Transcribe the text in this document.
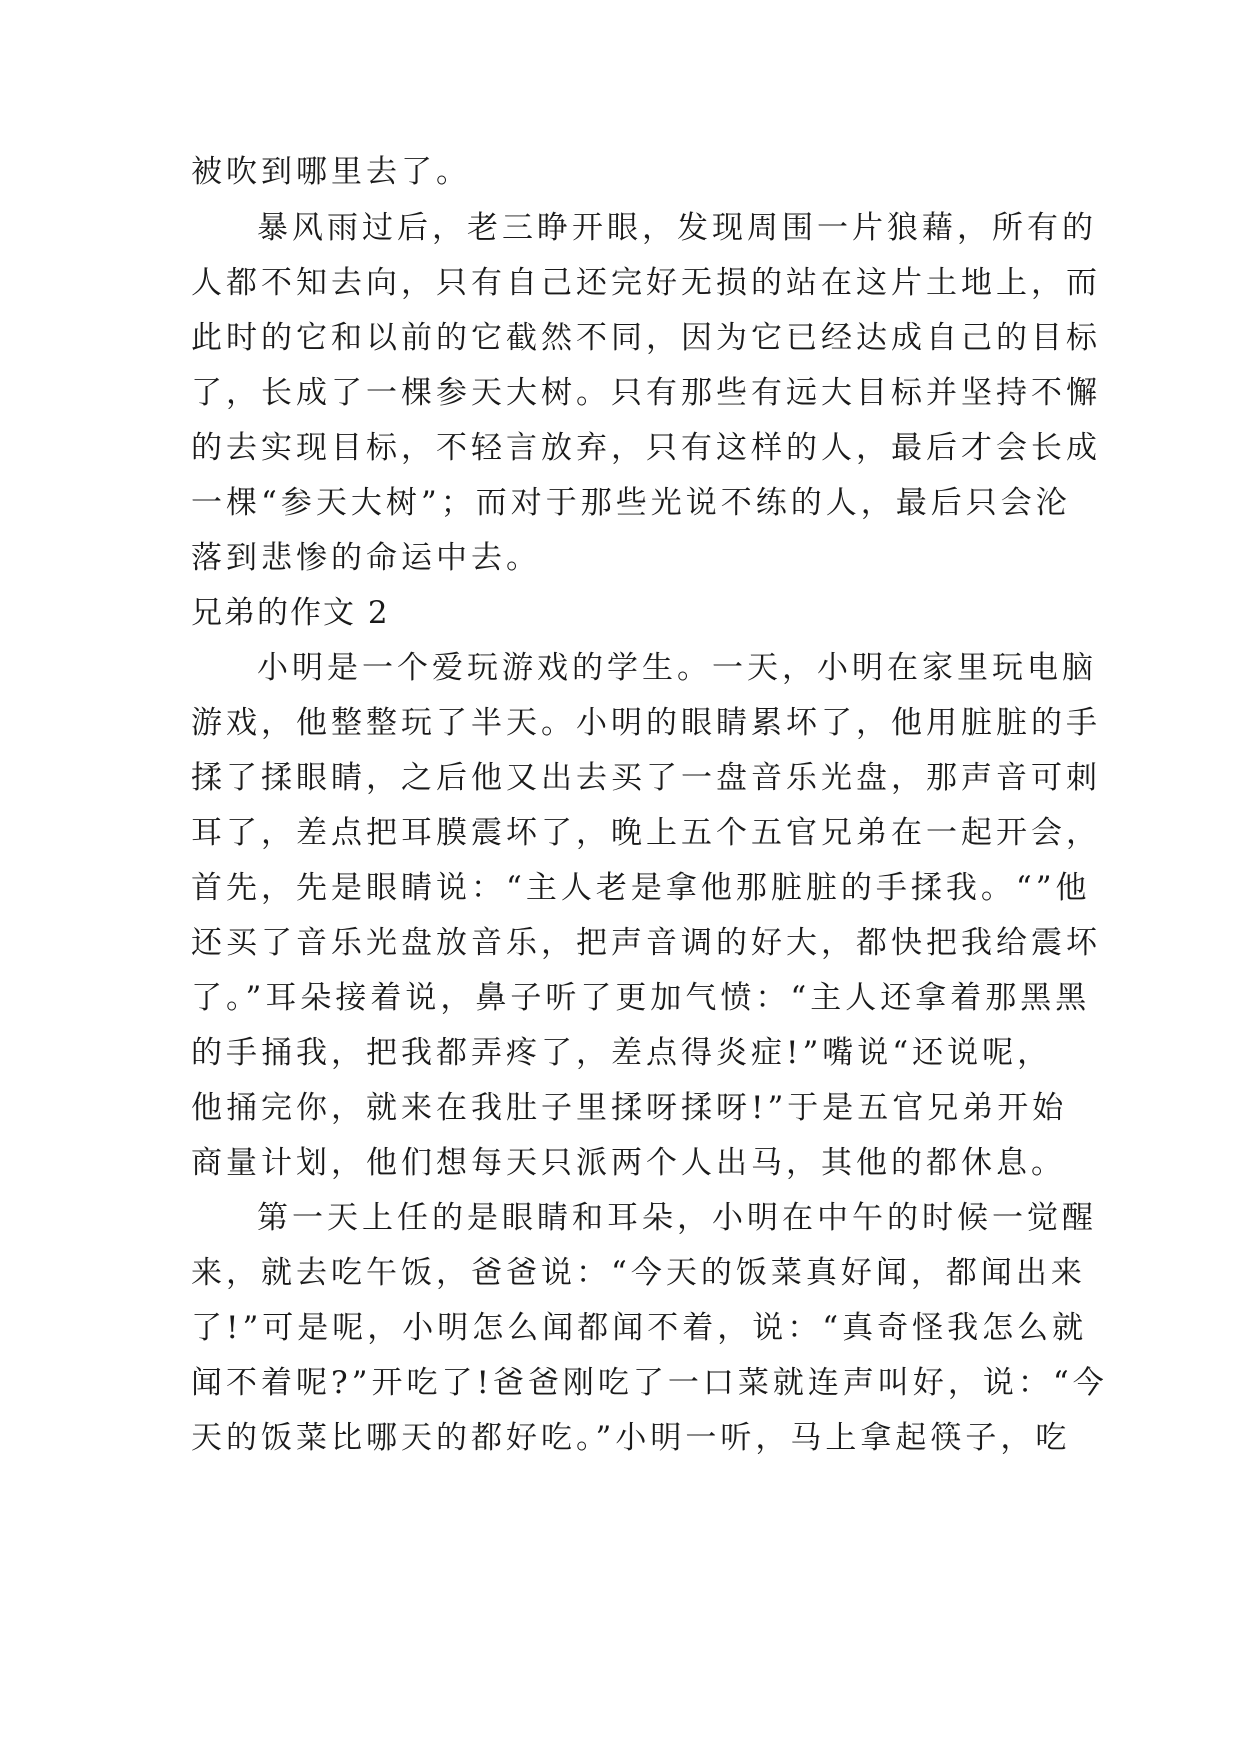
被吹到哪里去了。
暴风雨过后，老三睁开眼，发现周围一片狼藉，所有的
人都不知去向，只有自己还完好无损的站在这片土地上，而
此时的它和以前的它截然不同，因为它已经达成自己的目标
了，长成了一棵参天大树。只有那些有远大目标并坚持不懈
的去实现目标，不轻言放弃，只有这样的人，最后才会长成
一棵“参天大树”；而对于那些光说不练的人，最后只会沦
落到悲惨的命运中去。
兄弟的作文 2
小明是一个爱玩游戏的学生。一天，小明在家里玩电脑
游戏，他整整玩了半天。小明的眼睛累坏了，他用脏脏的手
揉了揉眼睛，之后他又出去买了一盘音乐光盘，那声音可刺
耳了，差点把耳膜震坏了，晚上五个五官兄弟在一起开会，
首先，先是眼睛说：“主人老是拿他那脏脏的手揉我。“”他
还买了音乐光盘放音乐，把声音调的好大，都快把我给震坏
了。”耳朵接着说，鼻子听了更加气愤：“主人还拿着那黑黑
的手捅我，把我都弄疼了，差点得炎症!”嘴说“还说呢，
他捅完你，就来在我肚子里揉呀揉呀!”于是五官兄弟开始
商量计划，他们想每天只派两个人出马，其他的都休息。
第一天上任的是眼睛和耳朵，小明在中午的时候一觉醒
来，就去吃午饭，爸爸说：“今天的饭菜真好闻，都闻出来
了!”可是呢，小明怎么闻都闻不着，说：“真奇怪我怎么就
闻不着呢?”开吃了!爸爸刚吃了一口菜就连声叫好，说：“今
天的饭菜比哪天的都好吃。”小明一听，马上拿起筷子，吃
